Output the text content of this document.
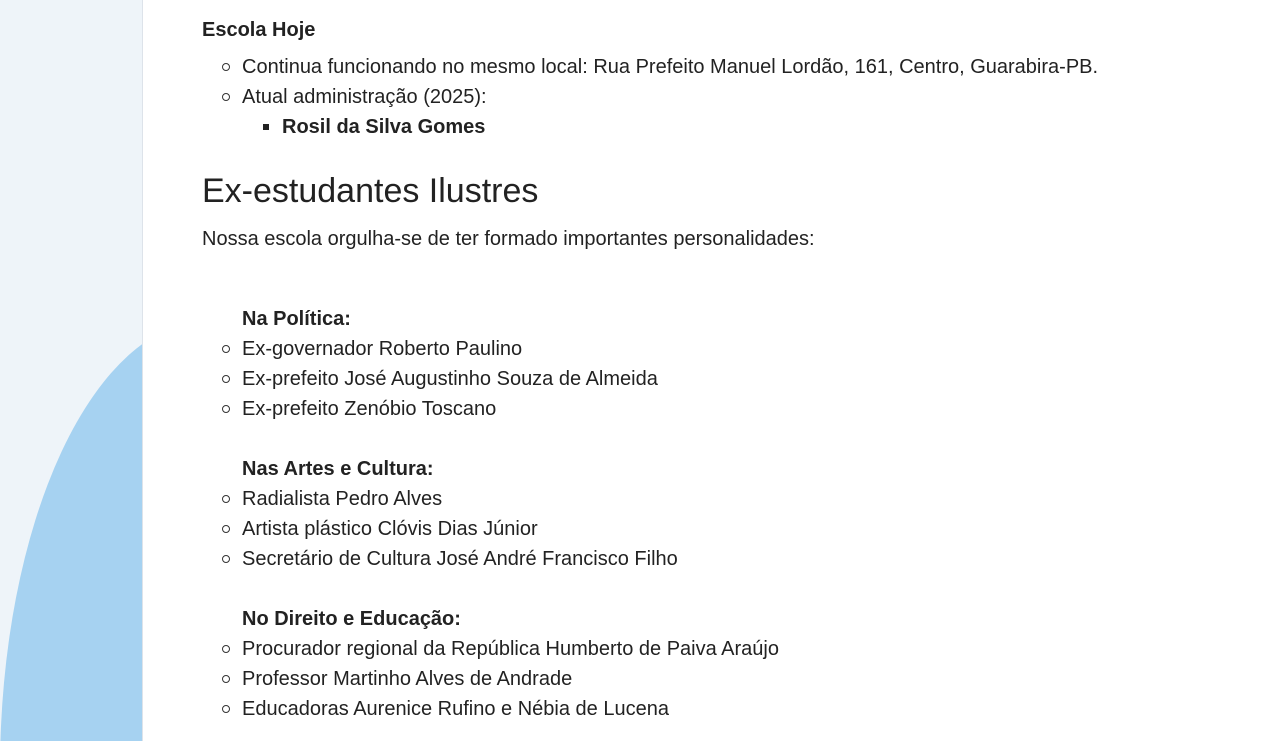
Escola Hoje
Continua funcionando no mesmo local: Rua Prefeito Manuel Lordão, 161, Centro, Guarabira-PB.
Atual administração (2025):
Rosil da Silva Gomes
Ex-estudantes Ilustres

Nossa escola orgulha-se de ter formado importantes personalidades:

Na Política:

Ex-governador Roberto Paulino
Ex-prefeito José Augustinho Souza de Almeida
Ex-prefeito Zenóbio Toscano

Nas Artes e Cultura:

Radialista Pedro Alves
Artista plástico Clóvis Dias Júnior
Secretário de Cultura José André Francisco Filho

No Direito e Educação:

Procurador regional da República Humberto de Paiva Araújo
Professor Martinho Alves de Andrade
Educadoras Aurenice Rufino e Nébia de Lucena
